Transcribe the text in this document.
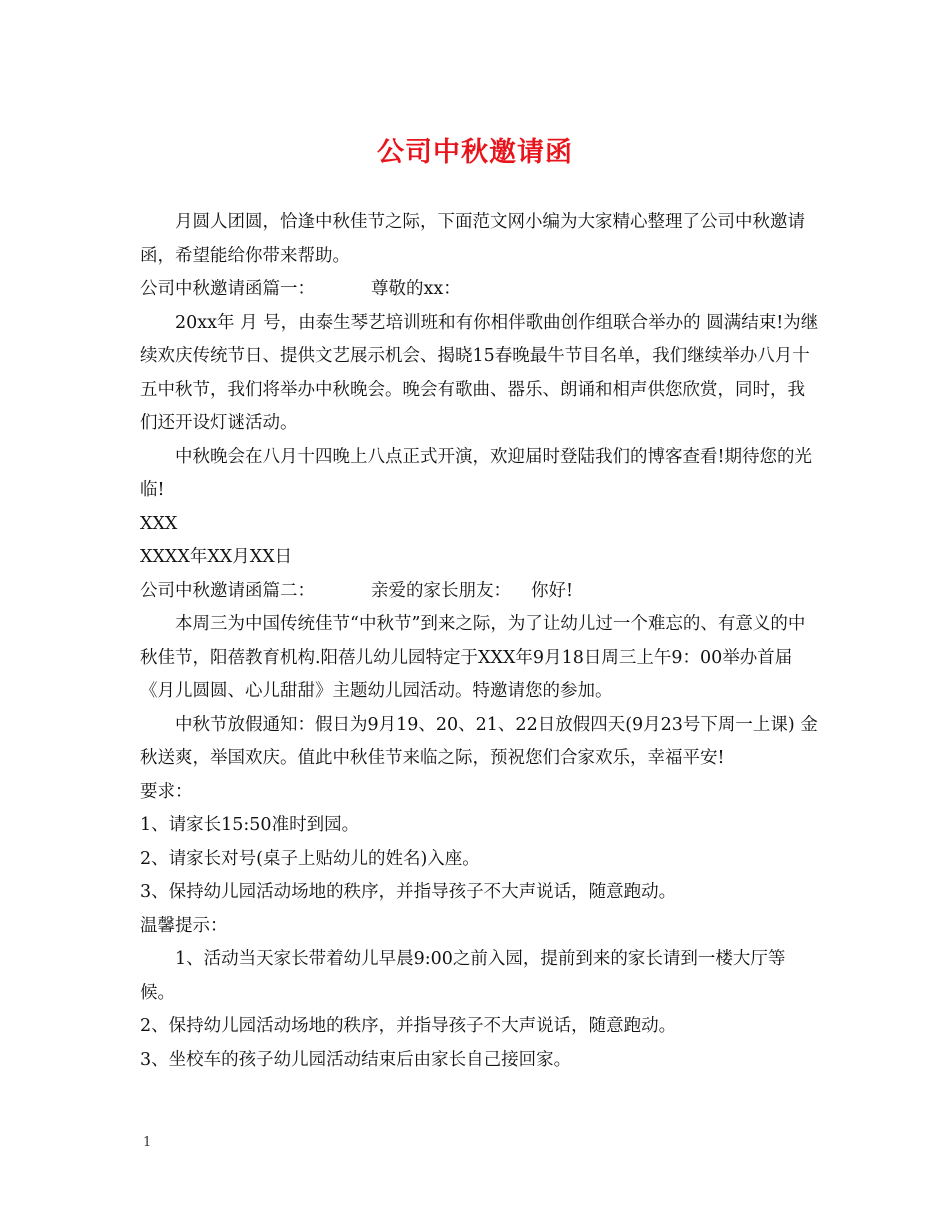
公司中秋邀请函

月圆人团圆，恰逢中秋佳节之际，下面范文网小编为大家精心整理了公司中秋邀请函，希望能给你带来帮助。

公司中秋邀请函篇一：	尊敬的xx：

20xx年 月 号，由泰生琴艺培训班和有你相伴歌曲创作组联合举办的 圆满结束!为继续欢庆传统节日、提供文艺展示机会、揭晓15春晚最牛节目名单，我们继续举办八月十五中秋节，我们将举办中秋晚会。晚会有歌曲、器乐、朗诵和相声供您欣赏，同时，我们还开设灯谜活动。

中秋晚会在八月十四晚上八点正式开演，欢迎届时登陆我们的博客查看!期待您的光临!

XXX

XXXX年XX月XX日

公司中秋邀请函篇二：	亲爱的家长朋友： 你好!

本周三为中国传统佳节“中秋节”到来之际，为了让幼儿过一个难忘的、有意义的中秋佳节，阳蓓教育机构.阳蓓儿幼儿园特定于XXX年9月18日周三上午9：00举办首届《月儿圆圆、心儿甜甜》主题幼儿园活动。特邀请您的参加。

中秋节放假通知：假日为9月19、20、21、22日放假四天(9月23号下周一上课) 金秋送爽，举国欢庆。值此中秋佳节来临之际，预祝您们合家欢乐，幸福平安!

要求：

1、请家长15:50准时到园。

2、请家长对号(桌子上贴幼儿的姓名)入座。

3、保持幼儿园活动场地的秩序，并指导孩子不大声说话，随意跑动。

温馨提示：

1、活动当天家长带着幼儿早晨9:00之前入园，提前到来的家长请到一楼大厅等候。

2、保持幼儿园活动场地的秩序，并指导孩子不大声说话，随意跑动。

3、坐校车的孩子幼儿园活动结束后由家长自己接回家。

1
